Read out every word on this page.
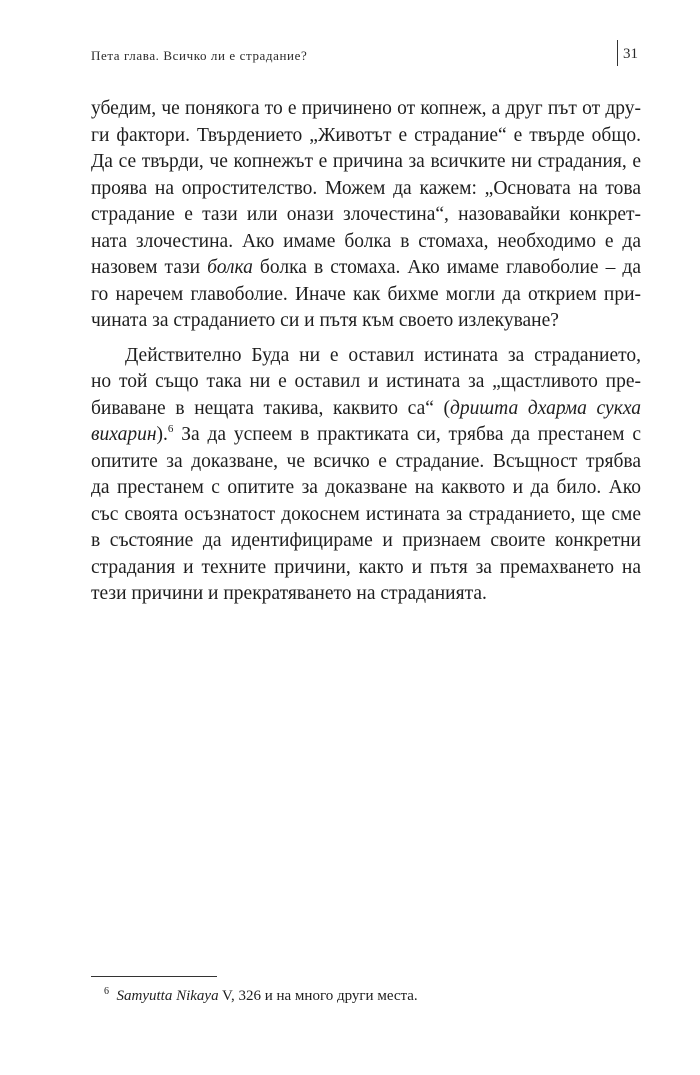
Пета глава. Всичко ли е страдание?	31
убедим, че понякога то е причинено от копнеж, а друг път от дру-
ги фактори. Твърдението „Животът е страдание“ е твърде общо.
Да се твърди, че копнежът е причина за всичките ни страдания, е
проява на опростителство. Можем да кажем: „Основата на това
страдание е тази или онази злочестина“, назовавайки конкрет-
ната злочестина. Ако имаме болка в стомаха, необходимо е да
назовем тази болка болка в стомаха. Ако имаме главоболие – да
го наречем главоболие. Иначе как бихме могли да открием при-
чината за страданието си и пътя към своето излекуване?
Действително Буда ни е оставил истината за страданието,
но той също така ни е оставил и истината за „щастливото пре-
биваване в нещата такива, каквито са“ (дришта дхарма сукха
вихарин).$^6$ За да успеем в практиката си, трябва да престанем с
опитите за доказване, че всичко е страдание. Всъщност трябва
да престанем с опитите за доказване на каквото и да било. Ако
със своята осъзнатост докоснем истината за страданието, ще сме
в състояние да идентифицираме и признаем своите конкретни
страдания и техните причини, както и пътя за премахването на
тези причини и прекратяването на страданията.
$^6$ Samyutta Nikaya V, 326 и на много други места.
